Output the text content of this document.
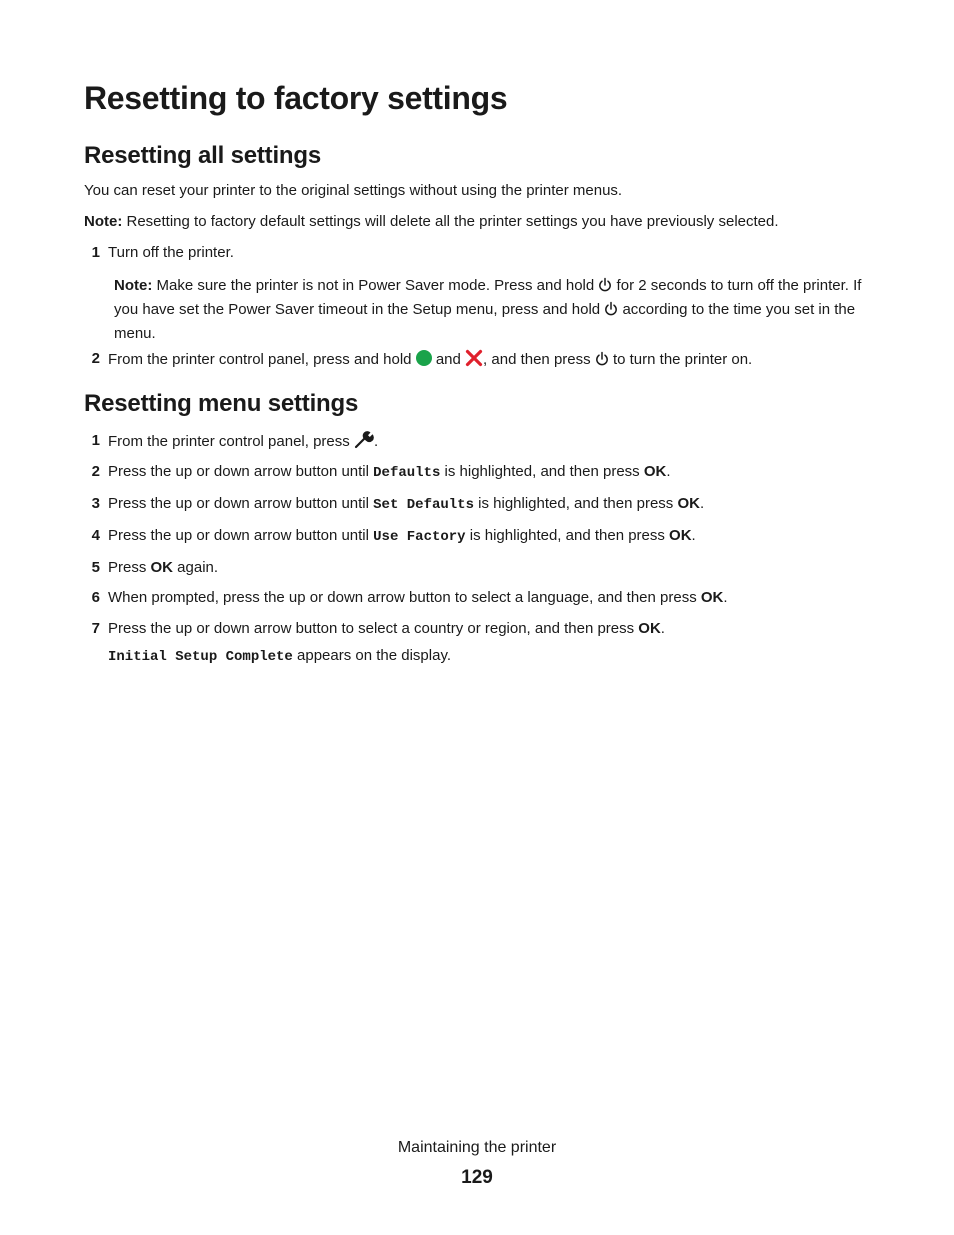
Resetting to factory settings
Resetting all settings
You can reset your printer to the original settings without using the printer menus.
Note: Resetting to factory default settings will delete all the printer settings you have previously selected.
1 Turn off the printer.
Note: Make sure the printer is not in Power Saver mode. Press and hold  for 2 seconds to turn off the printer. If you have set the Power Saver timeout in the Setup menu, press and hold  according to the time you set in the menu.
2 From the printer control panel, press and hold  and , and then press  to turn the printer on.
Resetting menu settings
1 From the printer control panel, press .
2 Press the up or down arrow button until Defaults is highlighted, and then press OK.
3 Press the up or down arrow button until Set Defaults is highlighted, and then press OK.
4 Press the up or down arrow button until Use Factory is highlighted, and then press OK.
5 Press OK again.
6 When prompted, press the up or down arrow button to select a language, and then press OK.
7 Press the up or down arrow button to select a country or region, and then press OK.
Initial Setup Complete appears on the display.
Maintaining the printer
129
